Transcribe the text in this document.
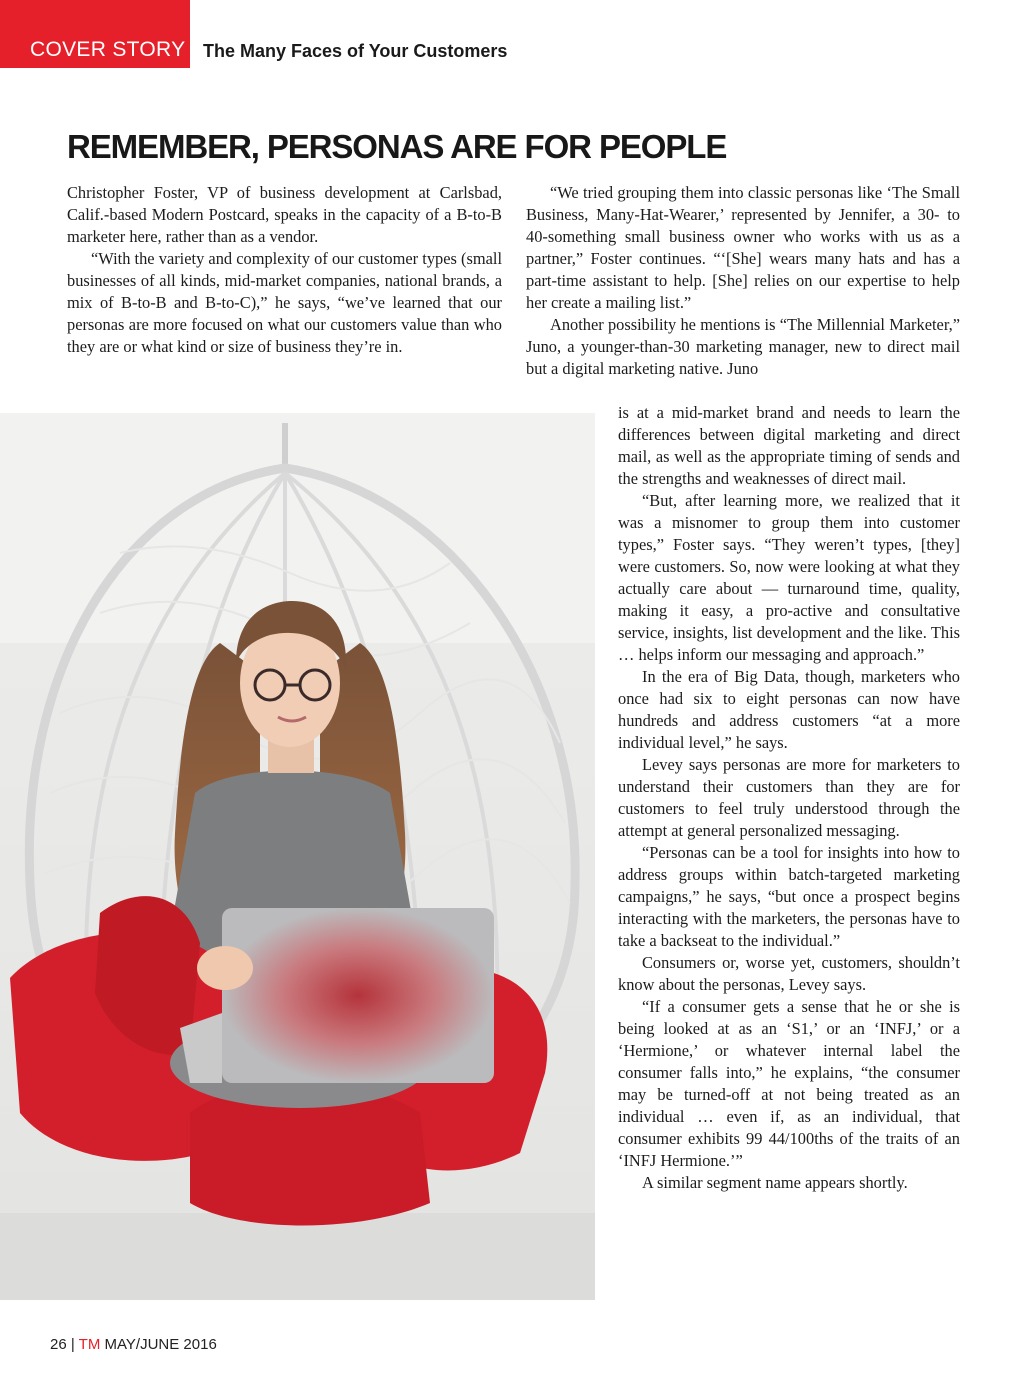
COVER STORY The Many Faces of Your Customers
REMEMBER, PERSONAS ARE FOR PEOPLE

Christopher Foster, VP of business development at Carlsbad, Calif.-based Modern Postcard, speaks in the capacity of a B-to-B marketer here, rather than as a vendor.

“With the variety and complexity of our customer types (small businesses of all kinds, mid-market companies, national brands, a mix of B-to-B and B-to-C),” he says, “we’ve learned that our personas are more focused on what our customers value than who they are or what kind or size of business they’re in.

“We tried grouping them into classic personas like ‘The Small Business, Many-Hat-Wearer,’ represented by Jennifer, a 30- to 40-something small business owner who works with us as a partner,” Foster continues. “‘[She] wears many hats and has a part-time assistant to help. [She] relies on our expertise to help her create a mailing list.”

Another possibility he mentions is “The Millennial Marketer,” Juno, a younger-than-30 marketing manager, new to direct mail but a digital marketing native. Juno

is at a mid-market brand and needs to learn the differences between digital marketing and direct mail, as well as the appropriate timing of sends and the strengths and weaknesses of direct mail.

“But, after learning more, we realized that it was a misnomer to group them into customer types,” Foster says. “They weren’t types, [they] were customers. So, now were looking at what they actually care about — turnaround time, quality, making it easy, a pro-active and consultative service, insights, list development and the like. This … helps inform our messaging and approach.”

In the era of Big Data, though, marketers who once had six to eight personas can now have hundreds and address customers “at a more individual level,” he says.

Levey says personas are more for marketers to understand their customers than they are for customers to feel truly understood through the attempt at general personalized messaging.

“Personas can be a tool for insights into how to address groups within batch-targeted marketing campaigns,” he says, “but once a prospect begins interacting with the marketers, the personas have to take a backseat to the individual.”

Consumers or, worse yet, customers, shouldn’t know about the personas, Levey says.

“If a consumer gets a sense that he or she is being looked at as an ‘S1,’ or an ‘INFJ,’ or a ‘Hermione,’ or whatever internal label the consumer falls into,” he explains, “the consumer may be turned-off at not being treated as an individual … even if, as an individual, that consumer exhibits 99 44/100ths of the traits of an ‘INFJ Hermione.’”

A similar segment name appears shortly.

26 | TM MAY/JUNE 2016
